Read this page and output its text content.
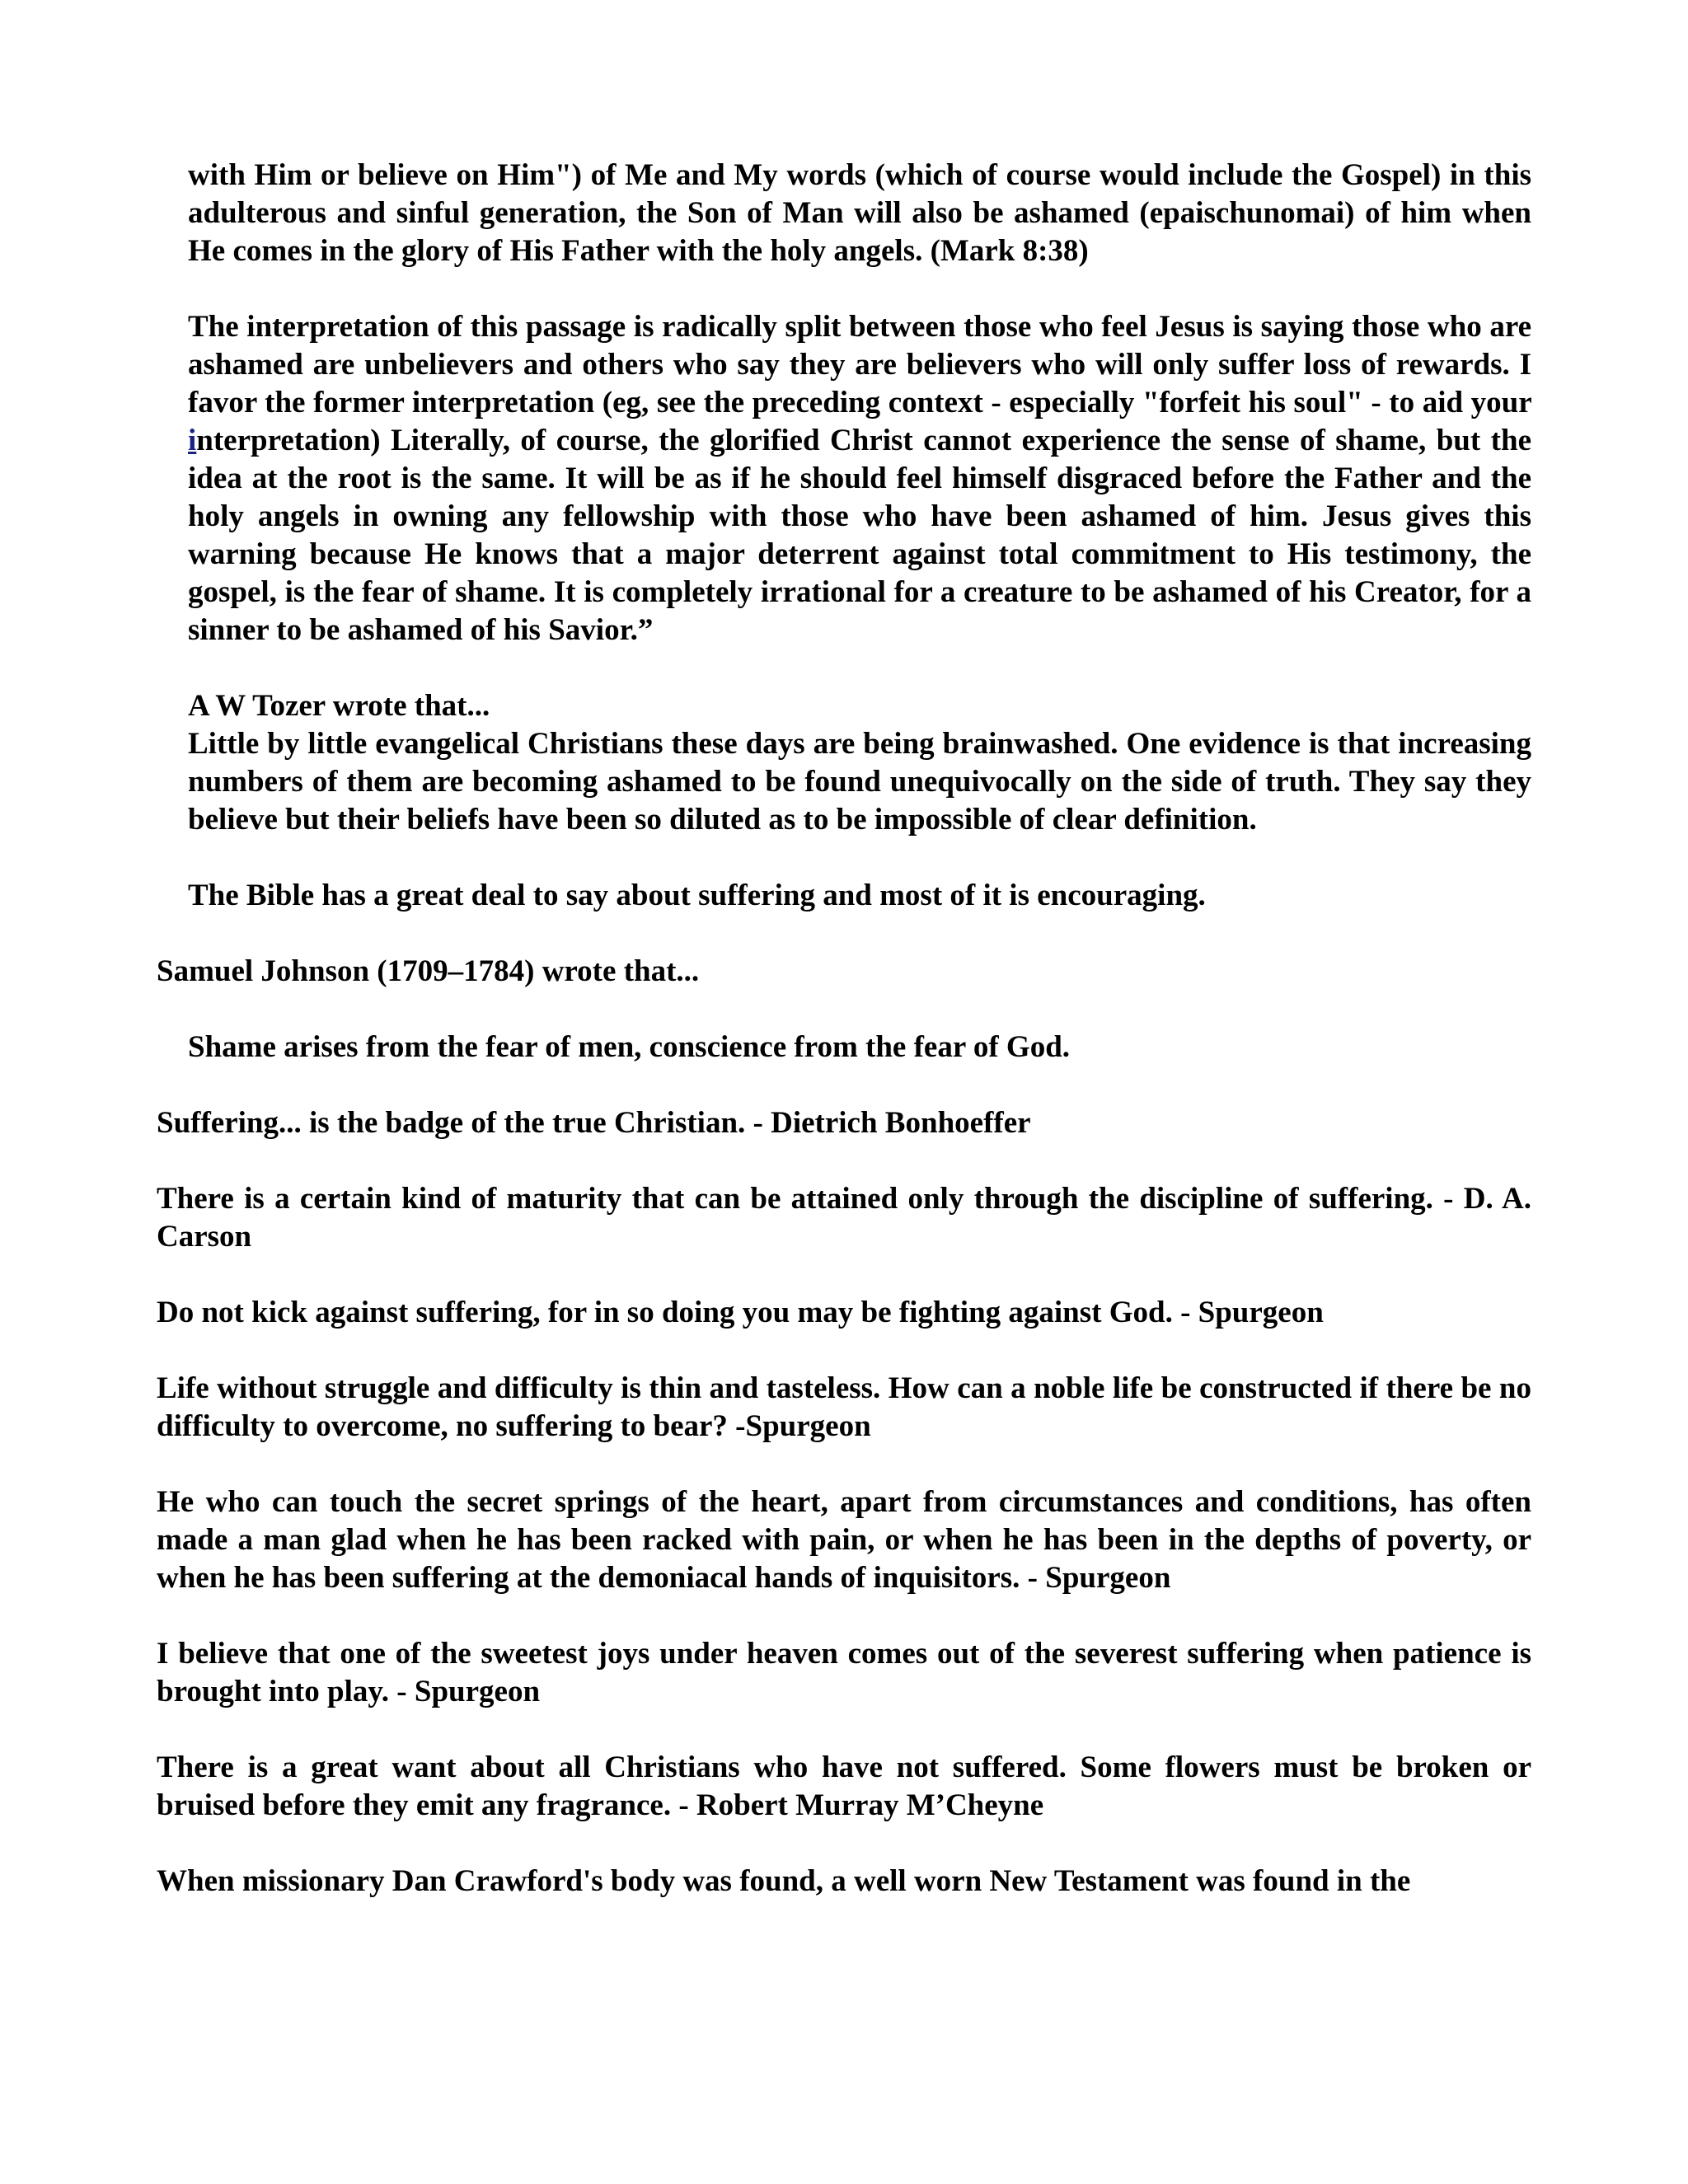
with Him or believe on Him") of Me and My words (which of course would include the Gospel) in this adulterous and sinful generation, the Son of Man will also be ashamed (epaischunomai) of him when He comes in the glory of His Father with the holy angels. (Mark 8:38)

The interpretation of this passage is radically split between those who feel Jesus is saying those who are ashamed are unbelievers and others who say they are believers who will only suffer loss of rewards. I favor the former interpretation (eg, see the preceding context - especially "forfeit his soul" - to aid your interpretation) Literally, of course, the glorified Christ cannot experience the sense of shame, but the idea at the root is the same. It will be as if he should feel himself disgraced before the Father and the holy angels in owning any fellowship with those who have been ashamed of him. Jesus gives this warning because He knows that a major deterrent against total commitment to His testimony, the gospel, is the fear of shame. It is completely irrational for a creature to be ashamed of his Creator, for a sinner to be ashamed of his Savior.”

A W Tozer wrote that...

Little by little evangelical Christians these days are being brainwashed. One evidence is that increasing numbers of them are becoming ashamed to be found unequivocally on the side of truth. They say they believe but their beliefs have been so diluted as to be impossible of clear definition.

The Bible has a great deal to say about suffering and most of it is encouraging.

Samuel Johnson (1709–1784) wrote that...

Shame arises from the fear of men, conscience from the fear of God.

Suffering... is the badge of the true Christian. - Dietrich Bonhoeffer

There is a certain kind of maturity that can be attained only through the discipline of suffering. - D. A. Carson

Do not kick against suffering, for in so doing you may be fighting against God. - Spurgeon

Life without struggle and difficulty is thin and tasteless. How can a noble life be constructed if there be no difficulty to overcome, no suffering to bear? -Spurgeon

He who can touch the secret springs of the heart, apart from circumstances and conditions, has often made a man glad when he has been racked with pain, or when he has been in the depths of poverty, or when he has been suffering at the demoniacal hands of inquisitors. - Spurgeon

I believe that one of the sweetest joys under heaven comes out of the severest suffering when patience is brought into play. - Spurgeon

There is a great want about all Christians who have not suffered. Some flowers must be broken or bruised before they emit any fragrance. - Robert Murray M’Cheyne

When missionary Dan Crawford's body was found, a well worn New Testament was found in the
